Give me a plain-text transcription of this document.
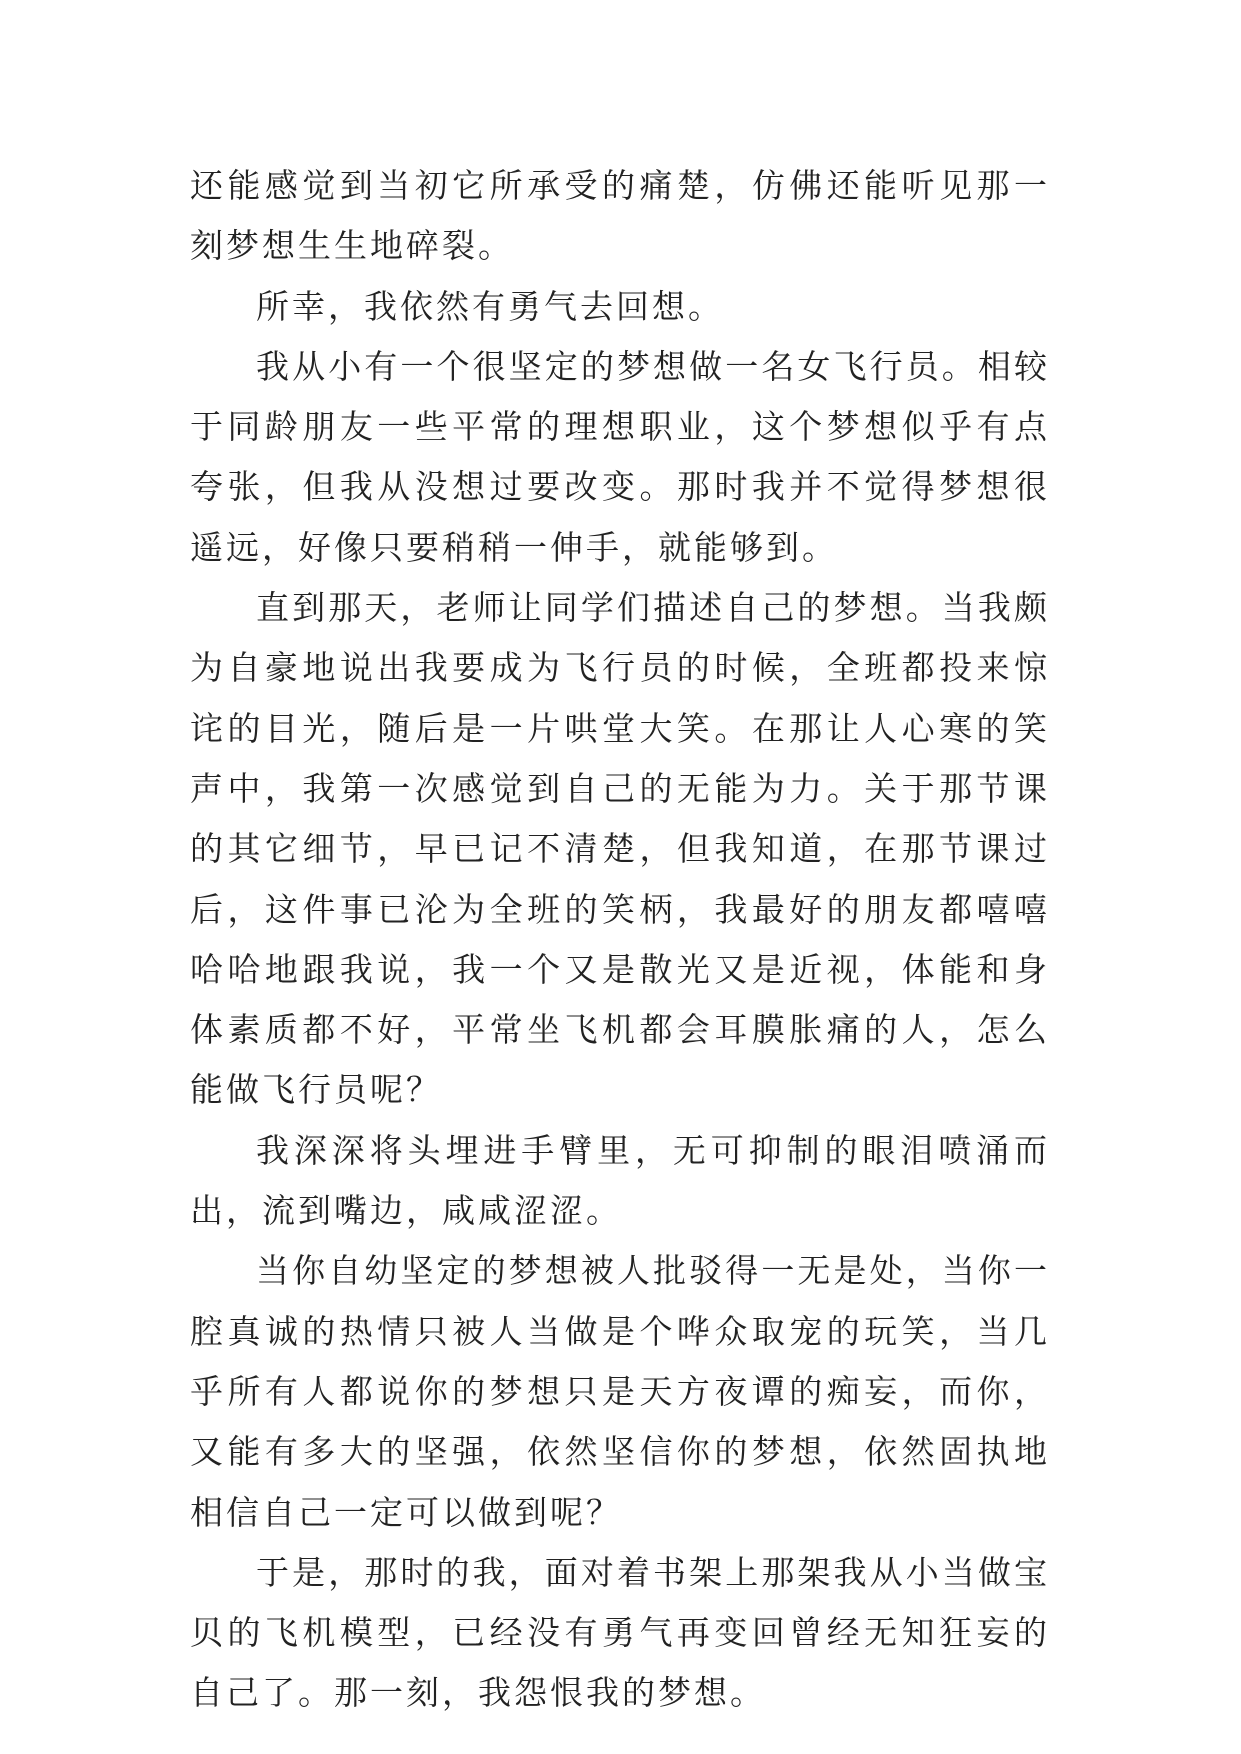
还能感觉到当初它所承受的痛楚，仿佛还能听见那一刻梦想生生地碎裂。

所幸，我依然有勇气去回想。

我从小有一个很坚定的梦想做一名女飞行员。相较于同龄朋友一些平常的理想职业，这个梦想似乎有点夸张，但我从没想过要改变。那时我并不觉得梦想很遥远，好像只要稍稍一伸手，就能够到。

直到那天，老师让同学们描述自己的梦想。当我颇为自豪地说出我要成为飞行员的时候，全班都投来惊诧的目光，随后是一片哄堂大笑。在那让人心寒的笑声中，我第一次感觉到自己的无能为力。关于那节课的其它细节，早已记不清楚，但我知道，在那节课过后，这件事已沦为全班的笑柄，我最好的朋友都嘻嘻哈哈地跟我说，我一个又是散光又是近视，体能和身体素质都不好，平常坐飞机都会耳膜胀痛的人，怎么能做飞行员呢？

我深深将头埋进手臂里，无可抑制的眼泪喷涌而出，流到嘴边，咸咸涩涩。

当你自幼坚定的梦想被人批驳得一无是处，当你一腔真诚的热情只被人当做是个哗众取宠的玩笑，当几乎所有人都说你的梦想只是天方夜谭的痴妄，而你，又能有多大的坚强，依然坚信你的梦想，依然固执地相信自己一定可以做到呢？

于是，那时的我，面对着书架上那架我从小当做宝贝的飞机模型，已经没有勇气再变回曾经无知狂妄的自己了。那一刻，我怨恨我的梦想。
